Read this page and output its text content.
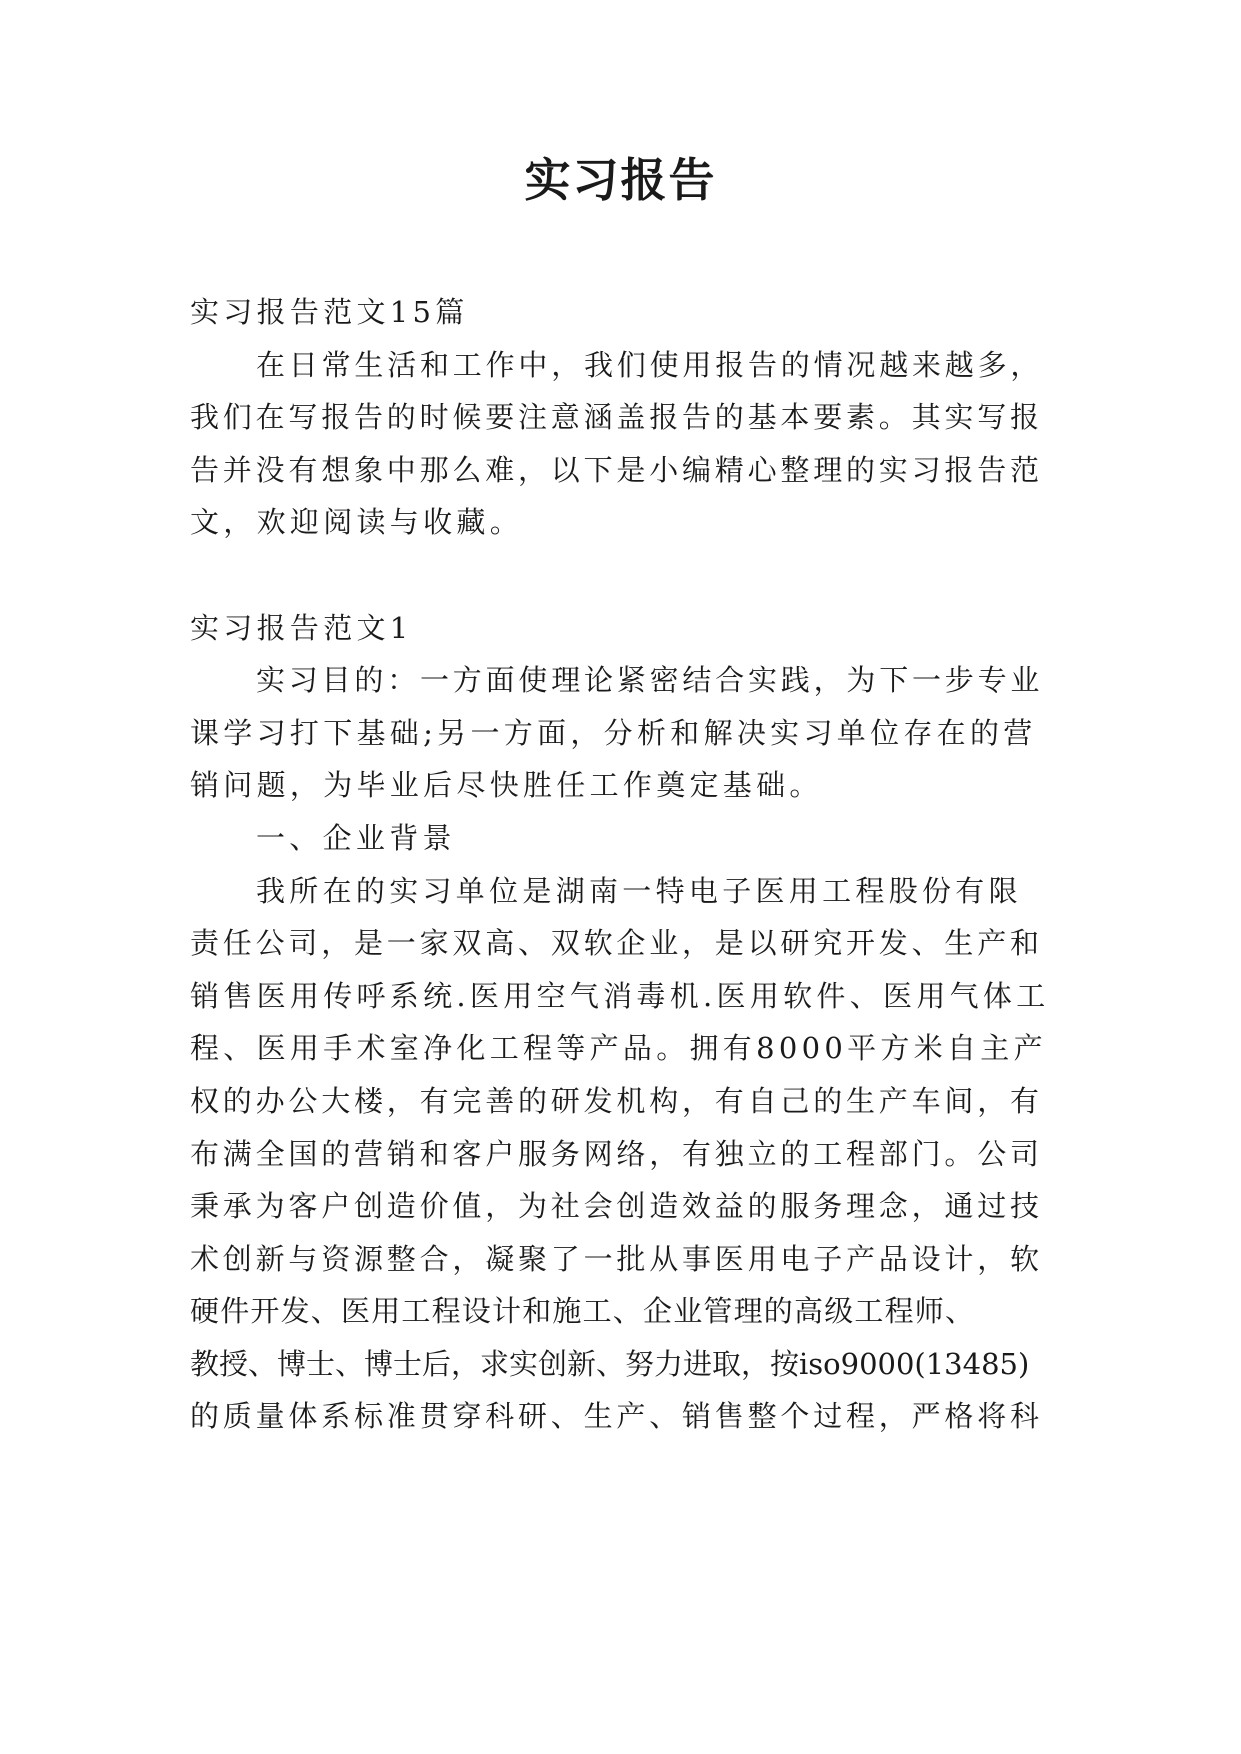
实习报告
实习报告范文15篇
在日常生活和工作中，我们使用报告的情况越来越多，
我们在写报告的时候要注意涵盖报告的基本要素。其实写报
告并没有想象中那么难，以下是小编精心整理的实习报告范
文，欢迎阅读与收藏。
实习报告范文1
实习目的：一方面使理论紧密结合实践，为下一步专业
课学习打下基础;另一方面，分析和解决实习单位存在的营
销问题，为毕业后尽快胜任工作奠定基础。
一、企业背景
我所在的实习单位是湖南一特电子医用工程股份有限
责任公司，是一家双高、双软企业，是以研究开发、生产和
销售医用传呼系统.医用空气消毒机.医用软件、医用气体工
程、医用手术室净化工程等产品。拥有8000平方米自主产
权的办公大楼，有完善的研发机构，有自己的生产车间，有
布满全国的营销和客户服务网络，有独立的工程部门。公司
秉承为客户创造价值，为社会创造效益的服务理念，通过技
术创新与资源整合，凝聚了一批从事医用电子产品设计，软
硬件开发、医用工程设计和施工、企业管理的高级工程师、
教授、博士、博士后，求实创新、努力进取，按iso9000(13485)
的质量体系标准贯穿科研、生产、销售整个过程，严格将科
